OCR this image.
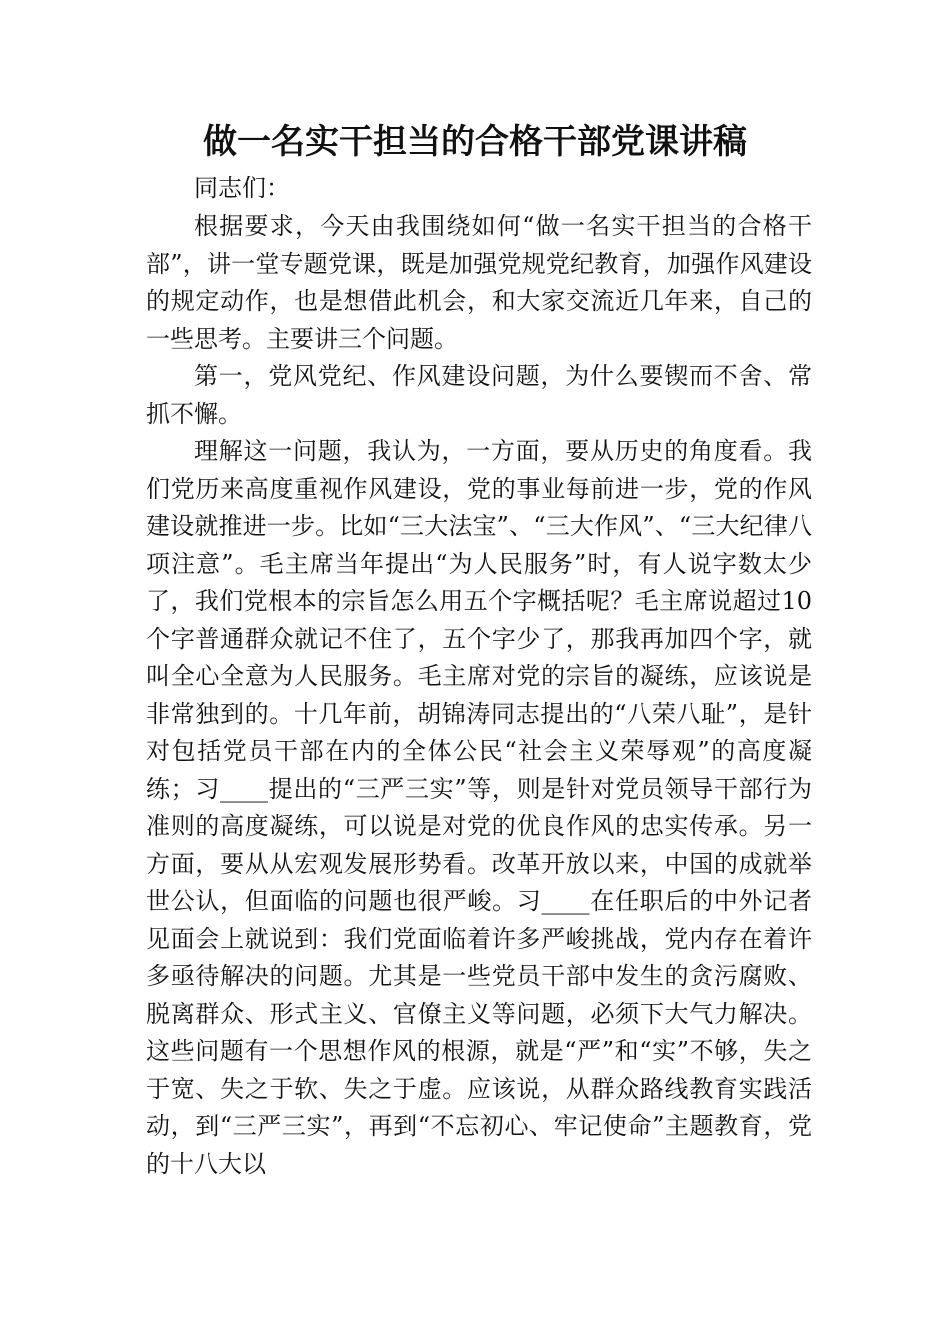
做一名实干担当的合格干部党课讲稿

同志们：

根据要求，今天由我围绕如何“做一名实干担当的合格干部”，讲一堂专题党课，既是加强党规党纪教育，加强作风建设的规定动作，也是想借此机会，和大家交流近几年来，自己的一些思考。主要讲三个问题。

第一，党风党纪、作风建设问题，为什么要锲而不舍、常抓不懈。

理解这一问题，我认为，一方面，要从历史的角度看。我们党历来高度重视作风建设，党的事业每前进一步，党的作风建设就推进一步。比如“三大法宝”、“三大作风”、“三大纪律八项注意”。毛主席当年提出“为人民服务”时，有人说字数太少了，我们党根本的宗旨怎么用五个字概括呢？毛主席说超过10个字普通群众就记不住了，五个字少了，那我再加四个字，就叫全心全意为人民服务。毛主席对党的宗旨的凝练，应该说是非常独到的。十几年前，胡锦涛同志提出的“八荣八耻”，是针对包括党员干部在内的全体公民“社会主义荣辱观”的高度凝练；习____提出的“三严三实”等，则是针对党员领导干部行为准则的高度凝练，可以说是对党的优良作风的忠实传承。另一方面，要从从宏观发展形势看。改革开放以来，中国的成就举世公认，但面临的问题也很严峻。习____在任职后的中外记者见面会上就说到：我们党面临着许多严峻挑战，党内存在着许多亟待解决的问题。尤其是一些党员干部中发生的贪污腐败、脱离群众、形式主义、官僚主义等问题，必须下大气力解决。这些问题有一个思想作风的根源，就是“严”和“实”不够，失之于宽、失之于软、失之于虚。应该说，从群众路线教育实践活动，到“三严三实”，再到“不忘初心、牢记使命”主题教育，党的十八大以
